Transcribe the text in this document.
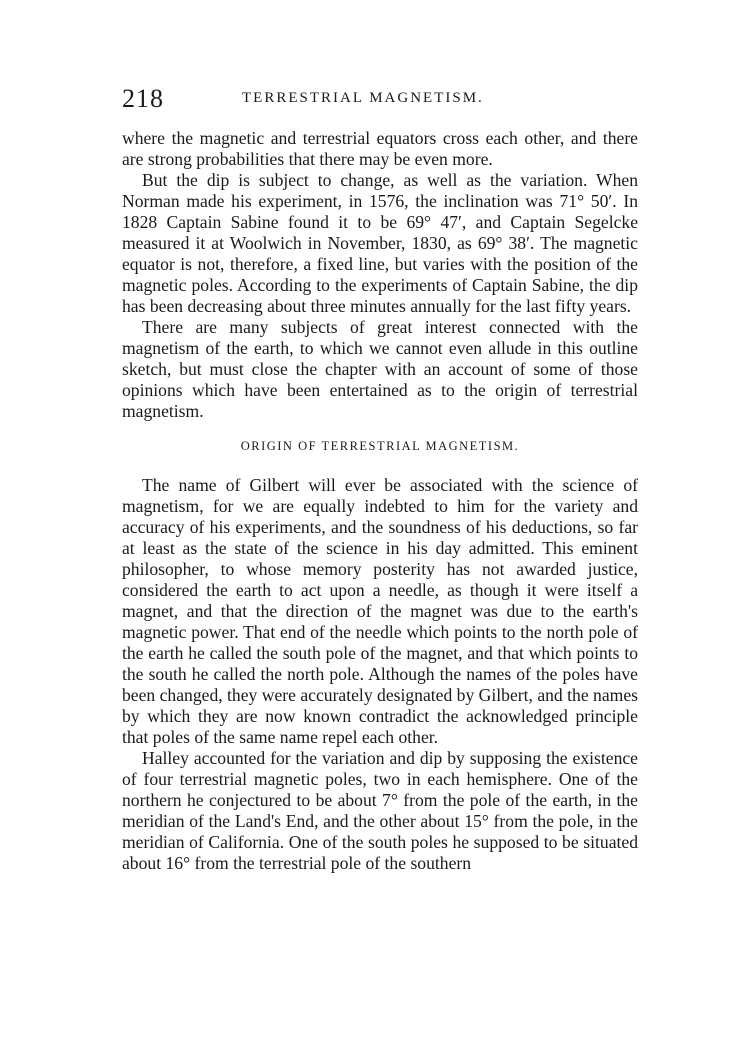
218	TERRESTRIAL MAGNETISM.

where the magnetic and terrestrial equators cross each other, and there are strong probabilities that there may be even more.

But the dip is subject to change, as well as the variation. When Norman made his experiment, in 1576, the inclination was 71° 50′. In 1828 Captain Sabine found it to be 69° 47′, and Captain Segelcke measured it at Woolwich in November, 1830, as 69° 38′. The magnetic equator is not, therefore, a fixed line, but varies with the position of the magnetic poles. According to the experiments of Captain Sabine, the dip has been decreasing about three minutes annually for the last fifty years.

There are many subjects of great interest connected with the magnetism of the earth, to which we cannot even allude in this outline sketch, but must close the chapter with an account of some of those opinions which have been entertained as to the origin of terrestrial magnetism.

ORIGIN OF TERRESTRIAL MAGNETISM.

The name of Gilbert will ever be associated with the science of magnetism, for we are equally indebted to him for the variety and accuracy of his experiments, and the soundness of his deductions, so far at least as the state of the science in his day admitted. This eminent philosopher, to whose memory posterity has not awarded justice, considered the earth to act upon a needle, as though it were itself a magnet, and that the direction of the magnet was due to the earth's magnetic power. That end of the needle which points to the north pole of the earth he called the south pole of the magnet, and that which points to the south he called the north pole. Although the names of the poles have been changed, they were accurately designated by Gilbert, and the names by which they are now known contradict the acknowledged principle that poles of the same name repel each other.

Halley accounted for the variation and dip by supposing the existence of four terrestrial magnetic poles, two in each hemisphere. One of the northern he conjectured to be about 7° from the pole of the earth, in the meridian of the Land's End, and the other about 15° from the pole, in the meridian of California. One of the south poles he supposed to be situated about 16° from the terrestrial pole of the southern
